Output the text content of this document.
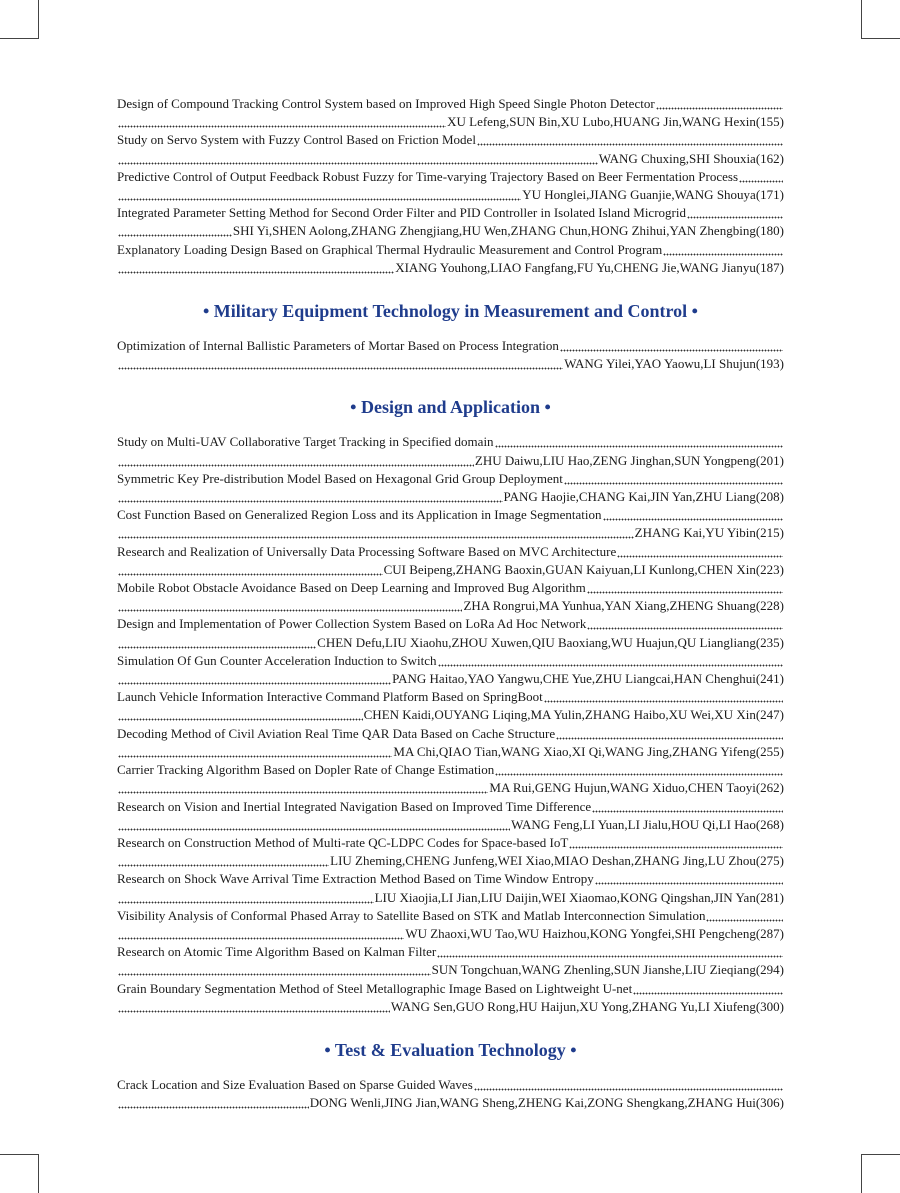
Design of Compound Tracking Control System based on Improved High Speed Single Photon Detector
XU Lefeng,SUN Bin,XU Lubo,HUANG Jin,WANG Hexin (155)
Study on Servo System with Fuzzy Control Based on Friction Model
WANG Chuxing,SHI Shouxia (162)
Predictive Control of Output Feedback Robust Fuzzy for Time-varying Trajectory Based on Beer Fermentation Process
YU Honglei,JIANG Guanjie,WANG Shouya (171)
Integrated Parameter Setting Method for Second Order Filter and PID Controller in Isolated Island Microgrid
SHI Yi,SHEN Aolong,ZHANG Zhengjiang,HU Wen,ZHANG Chun,HONG Zhihui,YAN Zhengbing (180)
Explanatory Loading Design Based on Graphical Thermal Hydraulic Measurement and Control Program
XIANG Youhong,LIAO Fangfang,FU Yu,CHENG Jie,WANG Jianyu (187)
• Military Equipment Technology in Measurement and Control •
Optimization of Internal Ballistic Parameters of Mortar Based on Process Integration
WANG Yilei,YAO Yaowu,LI Shujun (193)
• Design and Application •
Study on Multi-UAV Collaborative Target Tracking in Specified domain
ZHU Daiwu,LIU Hao,ZENG Jinghan,SUN Yongpeng (201)
Symmetric Key Pre-distribution Model Based on Hexagonal Grid Group Deployment
PANG Haojie,CHANG Kai,JIN Yan,ZHU Liang (208)
Cost Function Based on Generalized Region Loss and its Application in Image Segmentation
ZHANG Kai,YU Yibin (215)
Research and Realization of Universally Data Processing Software Based on MVC Architecture
CUI Beipeng,ZHANG Baoxin,GUAN Kaiyuan,LI Kunlong,CHEN Xin (223)
Mobile Robot Obstacle Avoidance Based on Deep Learning and Improved Bug Algorithm
ZHA Rongrui,MA Yunhua,YAN Xiang,ZHENG Shuang (228)
Design and Implementation of Power Collection System Based on LoRa Ad Hoc Network
CHEN Defu,LIU Xiaohu,ZHOU Xuwen,QIU Baoxiang,WU Huajun,QU Liangliang (235)
Simulation Of Gun Counter Acceleration Induction to Switch
PANG Haitao,YAO Yangwu,CHE Yue,ZHU Liangcai,HAN Chenghui (241)
Launch Vehicle Information Interactive Command Platform Based on SpringBoot
CHEN Kaidi,OUYANG Liqing,MA Yulin,ZHANG Haibo,XU Wei,XU Xin (247)
Decoding Method of Civil Aviation Real Time QAR Data Based on Cache Structure
MA Chi,QIAO Tian,WANG Xiao,XI Qi,WANG Jing,ZHANG Yifeng (255)
Carrier Tracking Algorithm Based on Dopler Rate of Change Estimation
MA Rui,GENG Hujun,WANG Xiduo,CHEN Taoyi (262)
Research on Vision and Inertial Integrated Navigation Based on Improved Time Difference
WANG Feng,LI Yuan,LI Jialu,HOU Qi,LI Hao (268)
Research on Construction Method of Multi-rate QC-LDPC Codes for Space-based IoT
LIU Zheming,CHENG Junfeng,WEI Xiao,MIAO Deshan,ZHANG Jing,LU Zhou (275)
Research on Shock Wave Arrival Time Extraction Method Based on Time Window Entropy
LIU Xiaojia,LI Jian,LIU Daijin,WEI Xiaomao,KONG Qingshan,JIN Yan (281)
Visibility Analysis of Conformal Phased Array to Satellite Based on STK and Matlab Interconnection Simulation
WU Zhaoxi,WU Tao,WU Haizhou,KONG Yongfei,SHI Pengcheng (287)
Research on Atomic Time Algorithm Based on Kalman Filter
SUN Tongchuan,WANG Zhenling,SUN Jianshe,LIU Zieqiang (294)
Grain Boundary Segmentation Method of Steel Metallographic Image Based on Lightweight U-net
WANG Sen,GUO Rong,HU Haijun,XU Yong,ZHANG Yu,LI Xiufeng (300)
• Test & Evaluation Technology •
Crack Location and Size Evaluation Based on Sparse Guided Waves
DONG Wenli,JING Jian,WANG Sheng,ZHENG Kai,ZONG Shengkang,ZHANG Hui (306)
